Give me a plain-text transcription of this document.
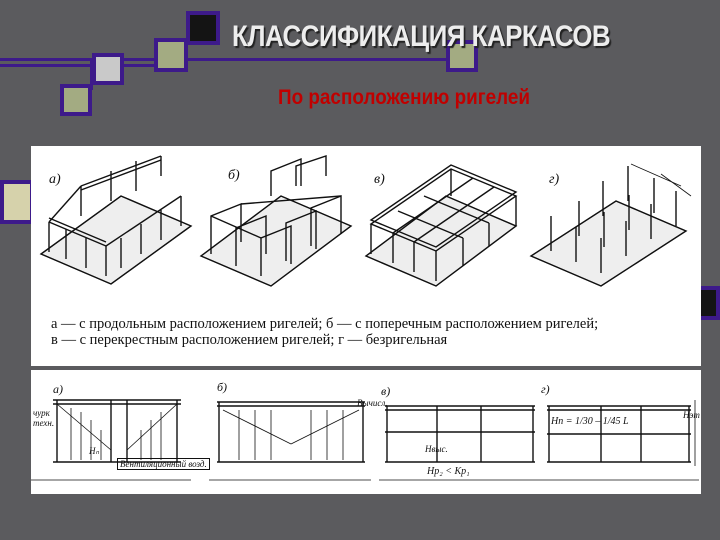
КЛАССИФИКАЦИЯ КАРКАСОВ
По расположению ригелей
а)	б)	в)	г)
а — с продольным расположением ригелей; б — с поперечным расположением ригелей;
в — с перекрестным расположением ригелей; г — безригельная
а)	б)	в)	г)
чурк
техн.
Hₙ
Вентиляционный возд.
Вычисл.
Нвыс.
Нр₂ < Кр₁
Нп = 1/30 – 1/45 L
Hэт
